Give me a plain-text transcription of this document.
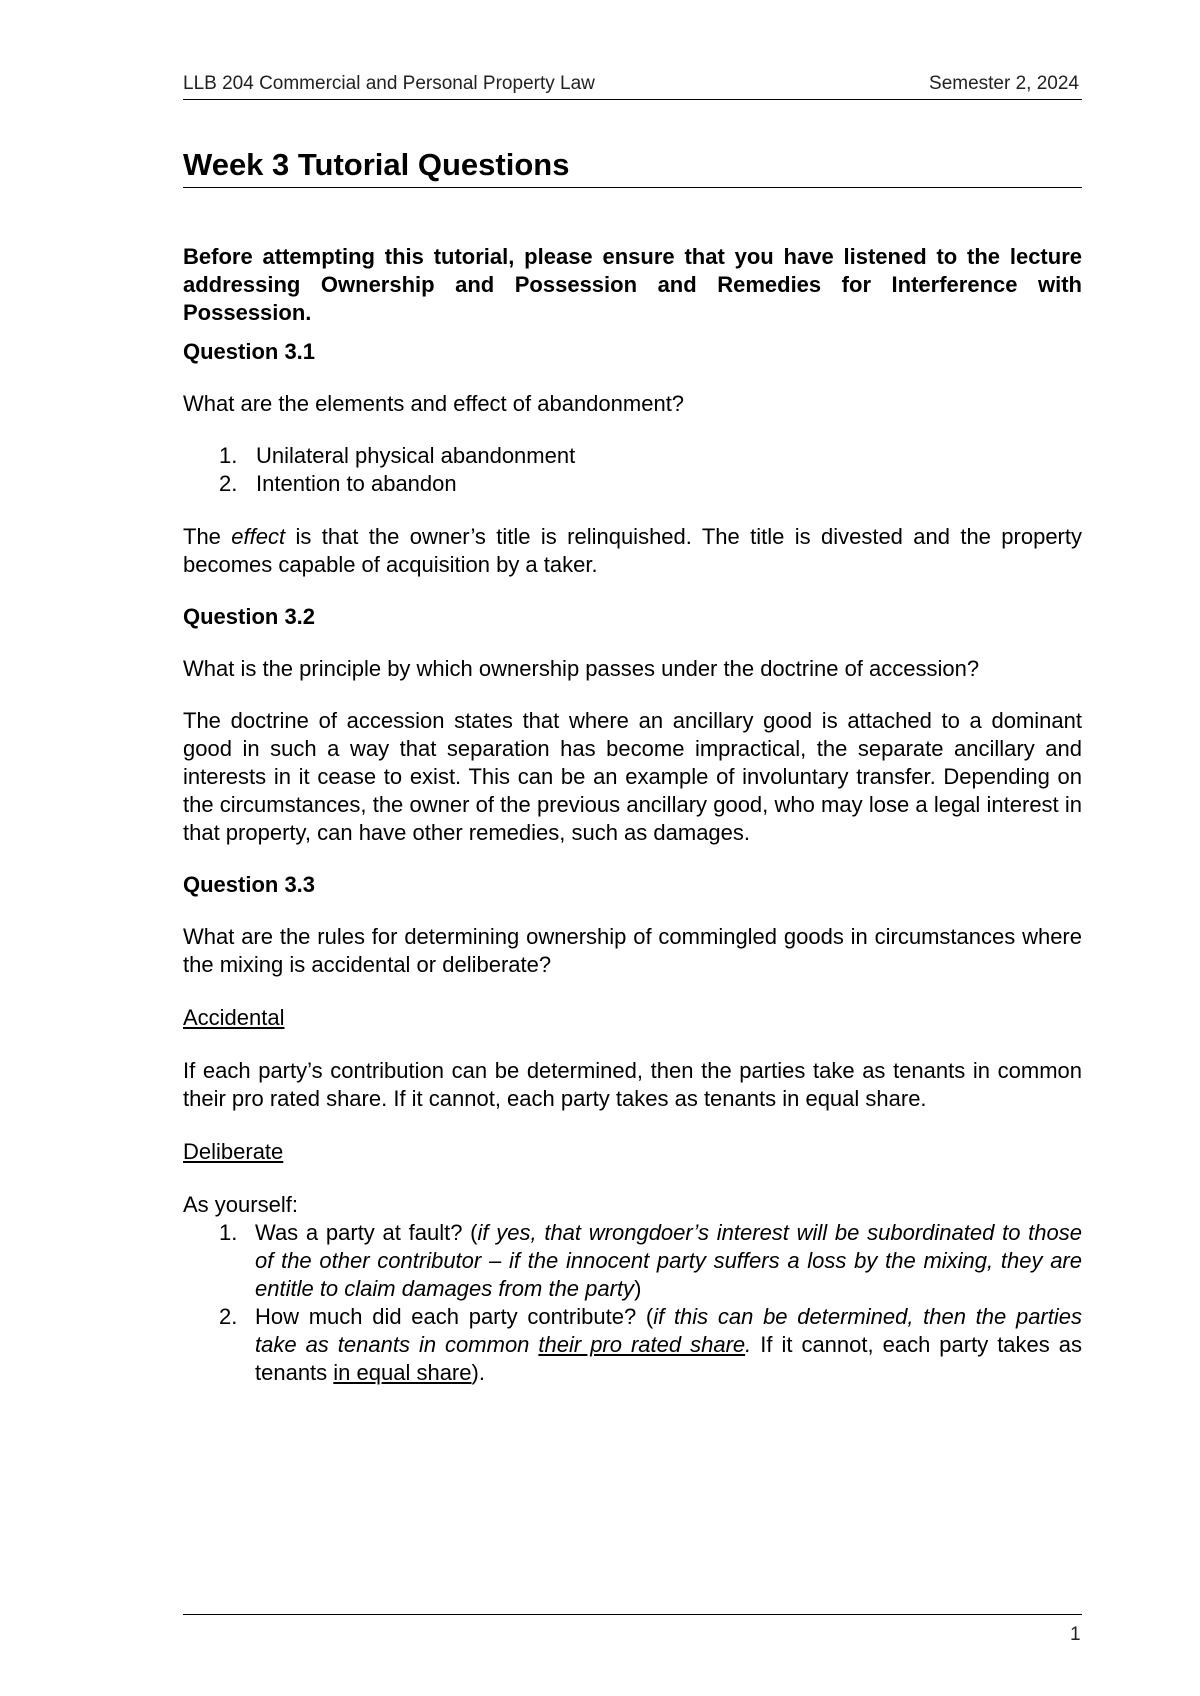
LLB 204 Commercial and Personal Property Law	Semester 2, 2024
Week 3 Tutorial Questions

Before attempting this tutorial, please ensure that you have listened to the lecture addressing Ownership and Possession and Remedies for Interference with Possession.

Question 3.1

What are the elements and effect of abandonment?

1. Unilateral physical abandonment
2. Intention to abandon

The effect is that the owner’s title is relinquished. The title is divested and the property becomes capable of acquisition by a taker.

Question 3.2

What is the principle by which ownership passes under the doctrine of accession?

The doctrine of accession states that where an ancillary good is attached to a dominant good in such a way that separation has become impractical, the separate ancillary and interests in it cease to exist. This can be an example of involuntary transfer. Depending on the circumstances, the owner of the previous ancillary good, who may lose a legal interest in that property, can have other remedies, such as damages.

Question 3.3

What are the rules for determining ownership of commingled goods in circumstances where the mixing is accidental or deliberate?

Accidental

If each party’s contribution can be determined, then the parties take as tenants in common their pro rated share. If it cannot, each party takes as tenants in equal share.

Deliberate

As yourself:

1. Was a party at fault? (if yes, that wrongdoer’s interest will be subordinated to those of the other contributor – if the innocent party suffers a loss by the mixing, they are entitle to claim damages from the party)
2. How much did each party contribute? (if this can be determined, then the parties take as tenants in common their pro rated share. If it cannot, each party takes as tenants in equal share).
1
